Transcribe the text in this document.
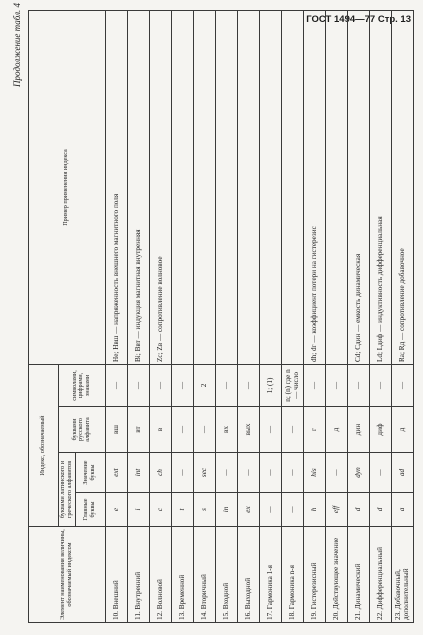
ГОСТ 1494—77 Стр. 13
Продолжение табл. 4
Элемент наименования величины, обозначаемый индексом	Индекс, обозначаемый				Пример применения индекса
	буквами латинского и греческого алфавитов		буквами русского алфавита	символами, цифрами, знаками	
	Главные буквы	Значение буквы			
10. Внешний	e	ext	вш	—	He; Hвш — напряженность внешнего магнитного поля
11. Внутренний	i	int	вт	—	Bi; Bвт — индукция магнитная внутренняя
12. Волновой	c	ch	в	—	Zc; Zв — сопротивление волновое
13. Временной	t	—	—	—	
14. Вторичный	s	sec	—	2	
15. Входной	in	—	вх	—	
16. Выходной	ex	—	вых	—	
17. Гармоника 1-я	—	—	—	1; (1)	
18. Гармоника n-я	—	—	—	n; (n) где n — число	
19. Гистерезисный	h	his	г	—	dh; dг — коэффициент потери на гистерезис
20. Действующее значение	eff	—	д	—	
21. Динамический	d	dyn	дин	—	Cd; Cдин — емкость динамическая
22. Дифференциальный	d	—	диф	—	Ld; Lдиф — индуктивность дифференциальная
23. Добавочный, дополнительный	a	ad	д	—	Ra; Rд — сопротивление добавочное
